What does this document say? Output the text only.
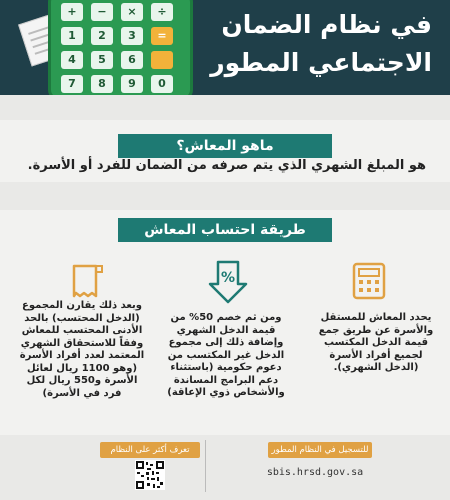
+	−	×	÷
1	2	3	=
4	5	6
7	8	9	0
في نظام الضمان الاجتماعي المطور
ماهو المعاش؟
هو المبلغ الشهري الذي يتم صرفه من الضمان للفرد أو الأسرة.
طريقة احتساب المعاش
%
يحدد المعاش للمستقل والأسرة عن طريق جمع قيمة الدخل المكتسب لجميع أفراد الأسرة (الدخل الشهري).
ومن ثم خصم 50% من قيمة الدخل الشهري وإضافة ذلك إلى مجموع الدخل غير المكتسب من دعوم حكومية (باستثناء دعم البرامج المساندة والأشخاص ذوي الإعاقة)
وبعد ذلك يقارن المجموع (الدخل المحتسب) بالحد الأدنى المحتسب للمعاش وفقاً للاستحقاق الشهري المعتمد لعدد أفراد الأسرة (وهو 1100 ريال لعائل الأسرة و550 ريال لكل فرد في الأسرة)
للتسجيل في النظام المطور
sbis.hrsd.gov.sa
تعرف أكثر على النظام
